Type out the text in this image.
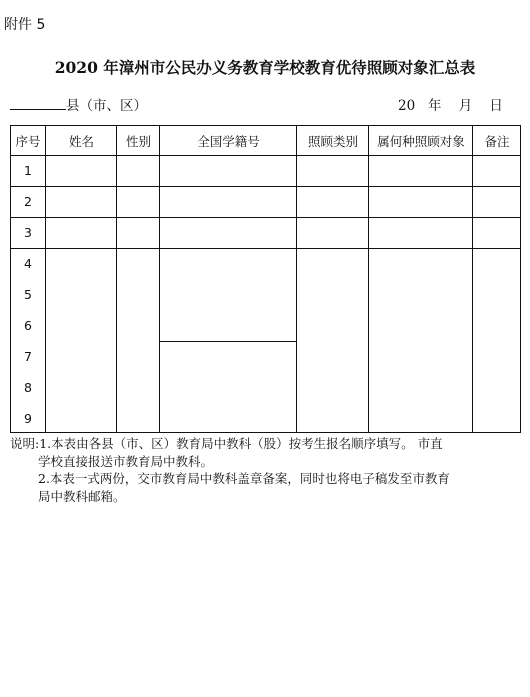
附件 5
2020 年漳州市公民办义务教育学校教育优待照顾对象汇总表
县（市、区）	20   年    月    日
序号	姓名	性别	全国学籍号	照顾类别	属何种照顾对象	备注
1
2
3
4
5
6
7
8
9
说明:1.本表由各县（市、区）教育局中教科（股）按考生报名顺序填写。 市直
学校直接报送市教育局中教科。
2.本表一式两份，交市教育局中教科盖章备案，同时也将电子稿发至市教育
局中教科邮箱。
